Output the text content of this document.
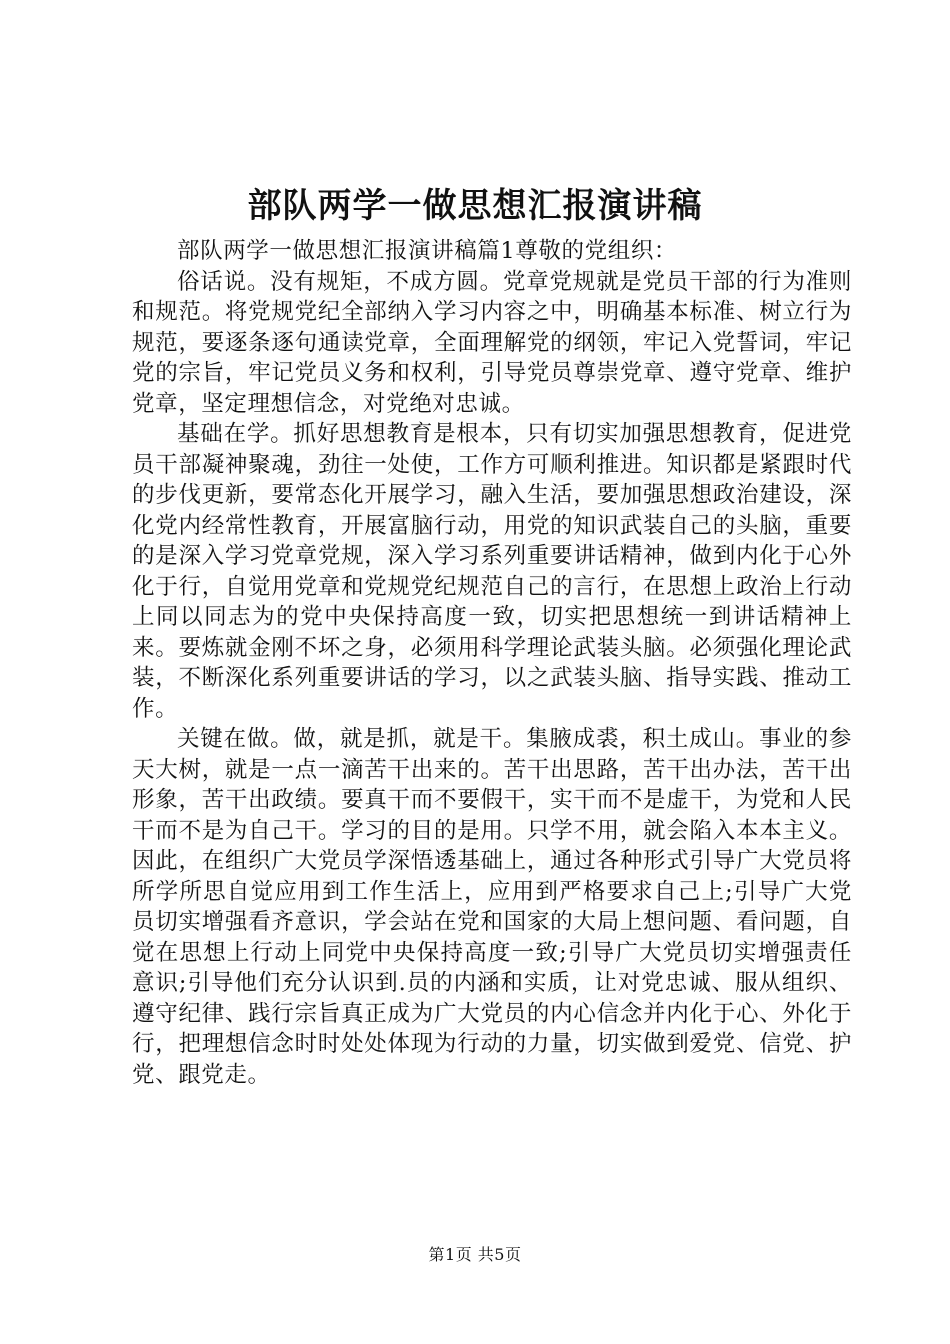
部队两学一做思想汇报演讲稿

部队两学一做思想汇报演讲稿篇1尊敬的党组织：

俗话说。没有规矩，不成方圆。党章党规就是党员干部的行为准则和规范。将党规党纪全部纳入学习内容之中，明确基本标准、树立行为规范，要逐条逐句通读党章，全面理解党的纲领，牢记入党誓词，牢记党的宗旨，牢记党员义务和权利，引导党员尊崇党章、遵守党章、维护党章，坚定理想信念，对党绝对忠诚。

基础在学。抓好思想教育是根本，只有切实加强思想教育，促进党员干部凝神聚魂，劲往一处使，工作方可顺利推进。知识都是紧跟时代的步伐更新，要常态化开展学习，融入生活，要加强思想政治建设，深化党内经常性教育，开展富脑行动，用党的知识武装自己的头脑，重要的是深入学习党章党规，深入学习系列重要讲话精神，做到内化于心外化于行，自觉用党章和党规党纪规范自己的言行，在思想上政治上行动上同以同志为的党中央保持高度一致，切实把思想统一到讲话精神上来。要炼就金刚不坏之身，必须用科学理论武装头脑。必须强化理论武装，不断深化系列重要讲话的学习，以之武装头脑、指导实践、推动工作。

关键在做。做，就是抓，就是干。集腋成裘，积土成山。事业的参天大树，就是一点一滴苦干出来的。苦干出思路，苦干出办法，苦干出形象，苦干出政绩。要真干而不要假干，实干而不是虚干，为党和人民干而不是为自己干。学习的目的是用。只学不用，就会陷入本本主义。因此，在组织广大党员学深悟透基础上，通过各种形式引导广大党员将所学所思自觉应用到工作生活上，应用到严格要求自己上;引导广大党员切实增强看齐意识，学会站在党和国家的大局上想问题、看问题，自觉在思想上行动上同党中央保持高度一致;引导广大党员切实增强责任意识;引导他们充分认识到.员的内涵和实质，让对党忠诚、服从组织、遵守纪律、践行宗旨真正成为广大党员的内心信念并内化于心、外化于行，把理想信念时时处处体现为行动的力量，切实做到爱党、信党、护党、跟党走。

第1页 共5页
